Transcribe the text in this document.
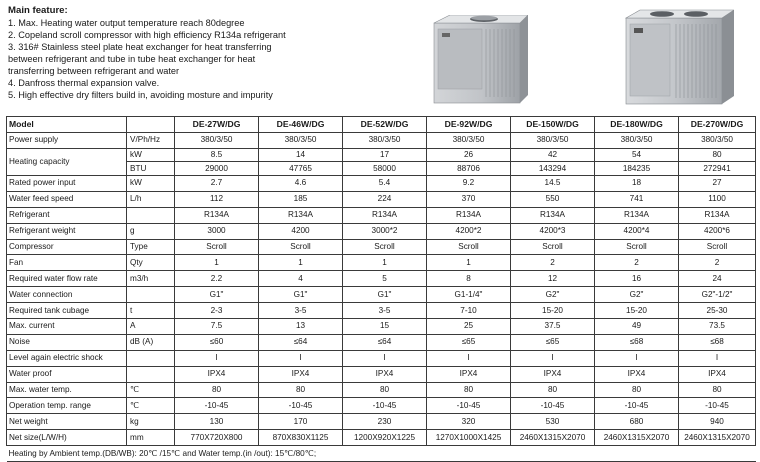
Main feature:
1. Max. Heating water output temperature reach 80degree
2. Copeland scroll compressor with high efficiency R134a refrigerant
3. 316# Stainless steel plate heat exchanger for heat transferring
between refrigerant and tube in tube heat exchanger for heat
transferring between refrigerant and water
4. Danfross thermal expansion valve.
5. High effective dry filters build in, avoiding mosture and impurity
Model		DE-27W/DG	DE-46W/DG	DE-52W/DG	DE-92W/DG	DE-150W/DG	DE-180W/DG	DE-270W/DG
Power supply	V/Ph/Hz	380/3/50	380/3/50	380/3/50	380/3/50	380/3/50	380/3/50	380/3/50
Heating capacity	kW	8.5	14	17	26	42	54	80
	BTU	29000	47765	58000	88706	143294	184235	272941
Rated power input	kW	2.7	4.6	5.4	9.2	14.5	18	27
Water feed speed	L/h	112	185	224	370	550	741	1100
Refrigerant		R134A	R134A	R134A	R134A	R134A	R134A	R134A
Refrigerant weight	g	3000	4200	3000*2	4200*2	4200*3	4200*4	4200*6
Compressor	Type	Scroll	Scroll	Scroll	Scroll	Scroll	Scroll	Scroll
Fan	Qty	1	1	1	1	2	2	2
Required water flow rate	m3/h	2.2	4	5	8	12	16	24
Water connection		G1"	G1"	G1"	G1-1/4"	G2"	G2"	G2"-1/2"
Required tank cubage	t	2-3	3-5	3-5	7-10	15-20	15-20	25-30
Max. current	A	7.5	13	15	25	37.5	49	73.5
Noise	dB (A)	≤60	≤64	≤64	≤65	≤65	≤68	≤68
Level again electric shock		I	I	I	I	I	I	I
Water proof		IPX4	IPX4	IPX4	IPX4	IPX4	IPX4	IPX4
Max. water temp.	℃	80	80	80	80	80	80	80
Operation temp. range	℃	-10-45	-10-45	-10-45	-10-45	-10-45	-10-45	-10-45
Net weight	kg	130	170	230	320	530	680	940
Net size(L/W/H)	mm	770X720X800	870X830X1125	1200X920X1225	1270X1000X1425	2460X1315X2070	2460X1315X2070	2460X1315X2070
Heating by Ambient temp.(DB/WB): 20℃ /15℃ and Water temp.(in /out): 15℃/80℃;								
